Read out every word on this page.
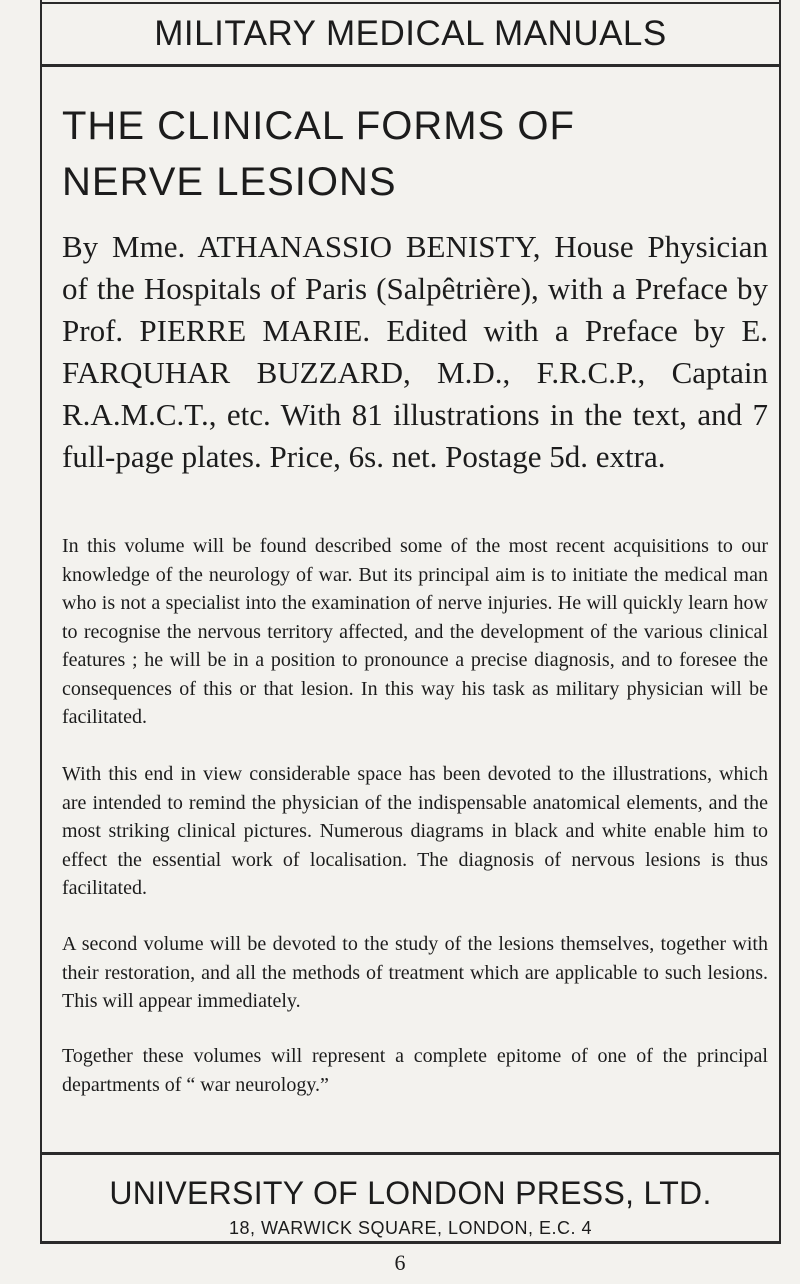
MILITARY MEDICAL MANUALS

THE CLINICAL FORMS OF
NERVE LESIONS

By Mme. ATHANASSIO BENISTY, House Physician of the Hospitals of Paris (Salpêtrière), with a Preface by Prof. PIERRE MARIE. Edited with a Preface by E. FARQUHAR BUZZARD, M.D., F.R.C.P., Captain R.A.M.C.T., etc. With 81 illustrations in the text, and 7 full-page plates. Price, 6s. net. Postage 5d. extra.

In this volume will be found described some of the most recent acquisitions to our knowledge of the neurology of war. But its principal aim is to initiate the medical man who is not a specialist into the examination of nerve injuries. He will quickly learn how to recognise the nervous territory affected, and the development of the various clinical features ; he will be in a position to pronounce a precise diagnosis, and to foresee the consequences of this or that lesion. In this way his task as military physician will be facilitated.

With this end in view considerable space has been devoted to the illustrations, which are intended to remind the physician of the indispensable anatomical elements, and the most striking clinical pictures. Numerous diagrams in black and white enable him to effect the essential work of localisation. The diagnosis of nervous lesions is thus facilitated.

A second volume will be devoted to the study of the lesions themselves, together with their restoration, and all the methods of treatment which are applicable to such lesions. This will appear immediately.

Together these volumes will represent a complete epitome of one of the principal departments of “ war neurology.”

UNIVERSITY OF LONDON PRESS, LTD.

18, WARWICK SQUARE, LONDON, E.C. 4

6
